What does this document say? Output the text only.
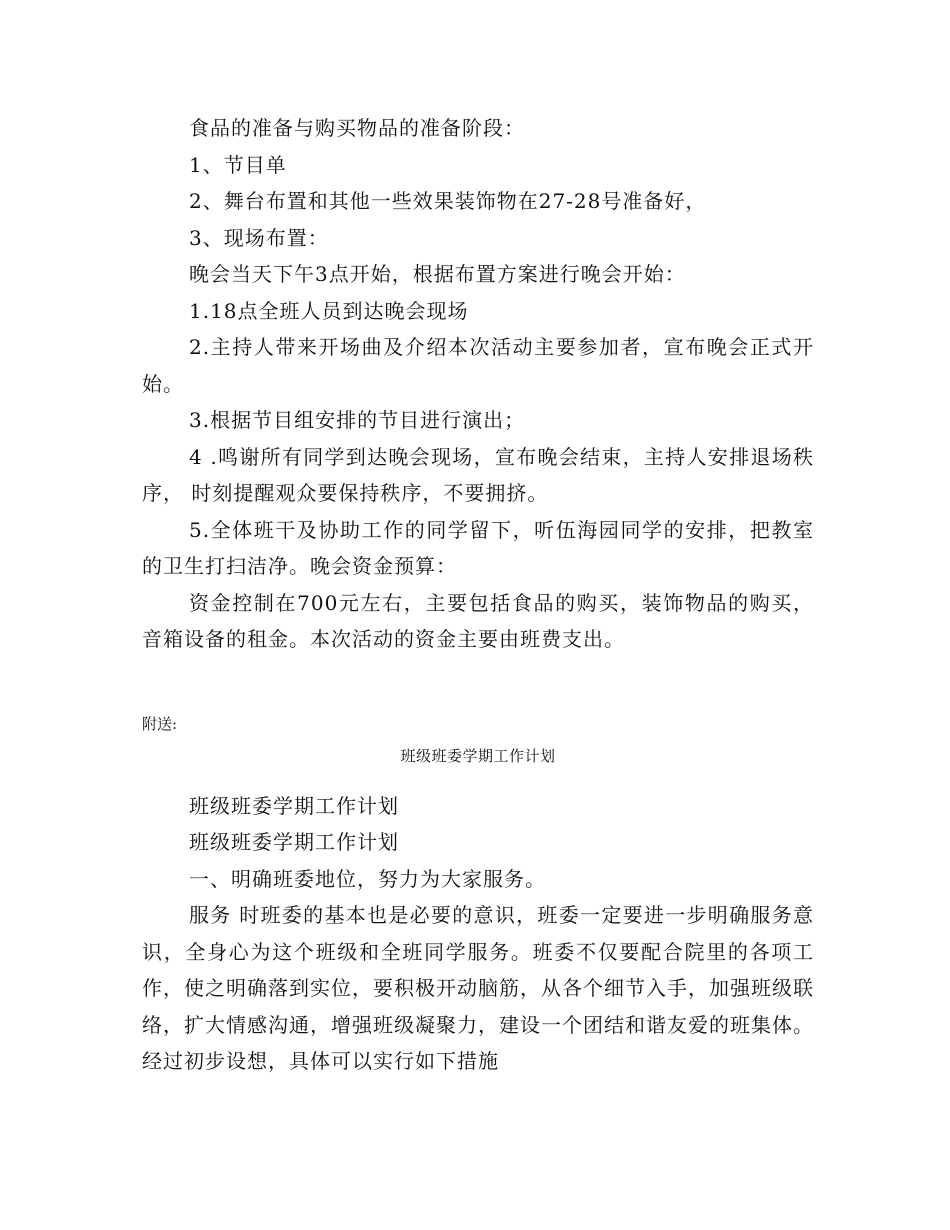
食品的准备与购买物品的准备阶段：

1、节目单

2、舞台布置和其他一些效果装饰物在27-28号准备好，

3、现场布置：

晚会当天下午3点开始，根据布置方案进行晚会开始：

1.18点全班人员到达晚会现场

2.主持人带来开场曲及介绍本次活动主要参加者，宣布晚会正式开始。

3.根据节目组安排的节目进行演出；

4 .鸣谢所有同学到达晚会现场，宣布晚会结束，主持人安排退场秩序， 时刻提醒观众要保持秩序，不要拥挤。

5.全体班干及协助工作的同学留下，听伍海园同学的安排，把教室的卫生打扫洁净。晚会资金预算：

资金控制在700元左右，主要包括食品的购买，装饰物品的购买，音箱设备的租金。本次活动的资金主要由班费支出。

附送:

班级班委学期工作计划

班级班委学期工作计划

班级班委学期工作计划

一、明确班委地位，努力为大家服务。

服务 时班委的基本也是必要的意识，班委一定要进一步明确服务意识，全身心为这个班级和全班同学服务。班委不仅要配合院里的各项工作，使之明确落到实位，要积极开动脑筋，从各个细节入手，加强班级联络，扩大情感沟通，增强班级凝聚力，建设一个团结和谐友爱的班集体。经过初步设想，具体可以实行如下措施
